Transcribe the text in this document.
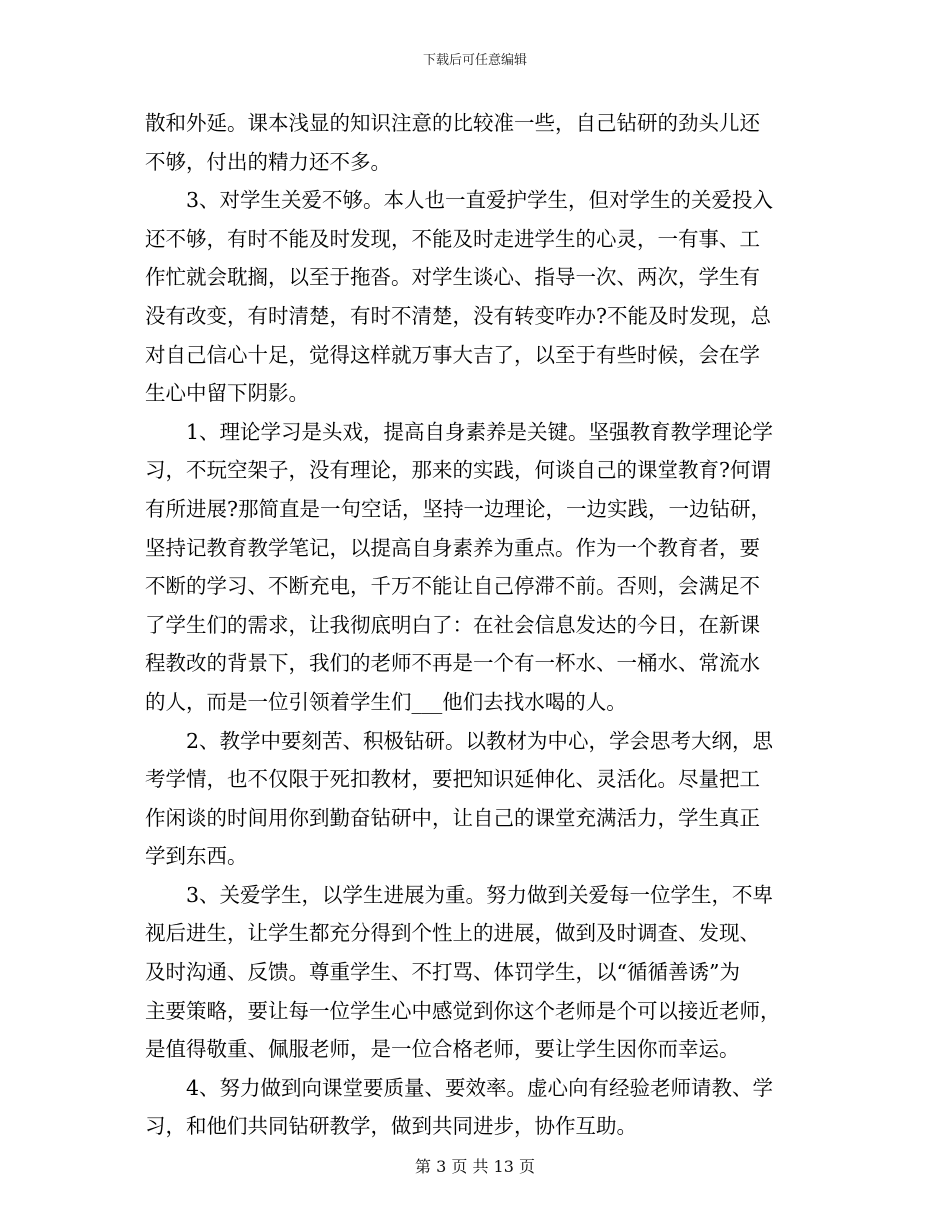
下载后可任意编辑
散和外延。课本浅显的知识注意的比较准一些，自己钻研的劲头儿还
不够，付出的精力还不多。
3、对学生关爱不够。本人也一直爱护学生，但对学生的关爱投入
还不够，有时不能及时发现，不能及时走进学生的心灵，一有事、工
作忙就会耽搁，以至于拖沓。对学生谈心、指导一次、两次，学生有
没有改变，有时清楚，有时不清楚，没有转变咋办?不能及时发现，总
对自己信心十足，觉得这样就万事大吉了，以至于有些时候，会在学
生心中留下阴影。
1、理论学习是头戏，提高自身素养是关键。坚强教育教学理论学
习，不玩空架子，没有理论，那来的实践，何谈自己的课堂教育?何谓
有所进展?那简直是一句空话，坚持一边理论，一边实践，一边钻研，
坚持记教育教学笔记，以提高自身素养为重点。作为一个教育者，要
不断的学习、不断充电，千万不能让自己停滞不前。否则，会满足不
了学生们的需求，让我彻底明白了：在社会信息发达的今日，在新课
程教改的背景下，我们的老师不再是一个有一杯水、一桶水、常流水
的人，而是一位引领着学生们___他们去找水喝的人。
2、教学中要刻苦、积极钻研。以教材为中心，学会思考大纲，思
考学情，也不仅限于死扣教材，要把知识延伸化、灵活化。尽量把工
作闲谈的时间用你到勤奋钻研中，让自己的课堂充满活力，学生真正
学到东西。
3、关爱学生，以学生进展为重。努力做到关爱每一位学生，不卑
视后进生，让学生都充分得到个性上的进展，做到及时调查、发现、
及时沟通、反馈。尊重学生、不打骂、体罚学生，以“循循善诱”为
主要策略，要让每一位学生心中感觉到你这个老师是个可以接近老师，
是值得敬重、佩服老师，是一位合格老师，要让学生因你而幸运。
4、努力做到向课堂要质量、要效率。虚心向有经验老师请教、学
习，和他们共同钻研教学，做到共同进步，协作互助。
第 3 页 共 13 页
